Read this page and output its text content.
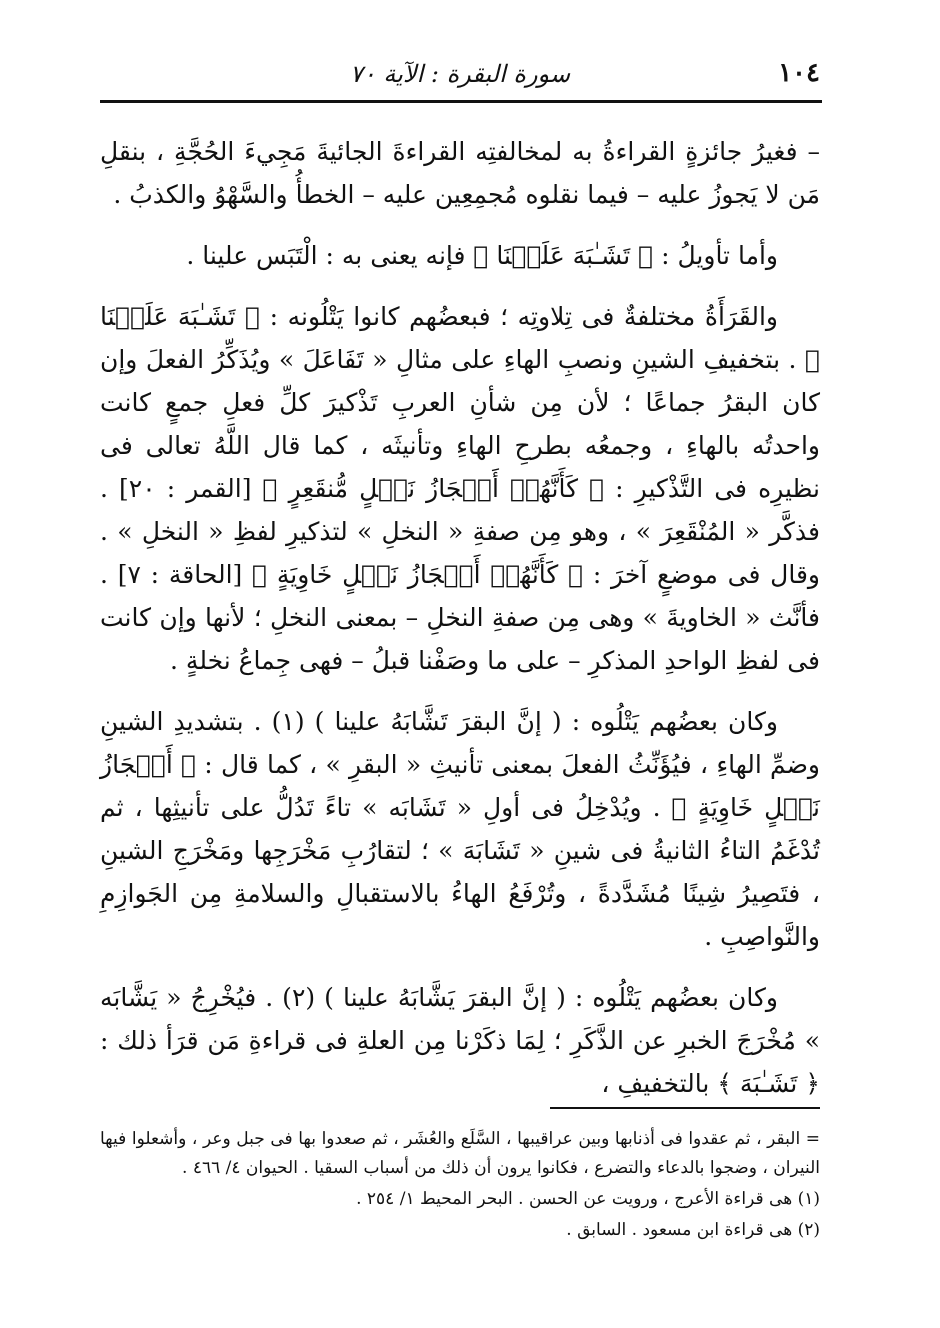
١٠٤
سورة البقرة : الآية ٧٠

– فغيرُ جائزةٍ القراءةُ به لمخالفتِه القراءةَ الجائيةَ مَجِيءَ الحُجَّةِ ، بنقلِ مَن لا يَجوزُ عليه – فيما نقلوه مُجمِعِين عليه – الخطأُ والسَّهْوُ والكذبُ .

وأما تأويلُ : ﴿ تَشَـٰبَهَ عَلَيۡنَا ﴾ فإنه يعنى به : الْتَبَس علينا .

والقَرَأَةُ مختلفةٌ فى تِلاوتِه ؛ فبعضُهم كانوا يَتْلُونه : ﴿ تَشَـٰبَهَ عَلَيۡنَا ﴾ . بتخفيفِ الشينِ ونصبِ الهاءِ على مثالِ « تَفَاعَلَ » ويُذَكِّرُ الفعلَ وإن كان البقرُ جماعًا ؛ لأن مِن شأنِ العربِ تَذْكيرَ كلِّ فعلِ جمعٍ كانت واحدتُه بالهاءِ ، وجمعُه بطرحِ الهاءِ وتأنيثَه ، كما قال اللَّهُ تعالى فى نظيرِه فى التَّذْكيرِ : ﴿ كَأَنَّهُمۡ أَعۡجَازُ نَخۡلٍ مُّنقَعِرٍ ﴾ [القمر : ٢٠] . فذكَّر « المُنْقَعِرَ » ، وهو مِن صفةِ « النخلِ » لتذكيرِ لفظِ « النخلِ » . وقال فى موضعٍ آخرَ : ﴿ كَأَنَّهُمۡ أَعۡجَازُ نَخۡلٍ خَاوِيَةٍ ﴾ [الحاقة : ٧] . فأنَّث « الخاويةَ » وهى مِن صفةِ النخلِ – بمعنى النخلِ ؛ لأنها وإن كانت فى لفظِ الواحدِ المذكرِ – على ما وصَفْنا قبلُ – فهى جِماعُ نخلةٍ .

وكان بعضُهم يَتْلُوه : ( إنَّ البقرَ تَشَّابَهُ علينا ) (١) . بتشديدِ الشينِ وضمِّ الهاءِ ، فيُؤَنِّثُ الفعلَ بمعنى تأنيثِ « البقرِ » ، كما قال : ﴿ أَعۡجَازُ نَخۡلٍ خَاوِيَةٍ ﴾ . ويُدْخِلُ فى أولِ « تَشَابَه » تاءً تَدُلُّ على تأنيثِها ، ثم تُدْغَمُ التاءُ الثانيةُ فى شينِ « تَشَابَهَ » ؛ لتقارُبِ مَخْرَجِها ومَخْرَجِ الشينِ ، فتَصِيرُ شِينًا مُشَدَّدةً ، وتُرْفَعُ الهاءُ بالاستقبالِ والسلامةِ مِن الجَوازِمِ والنَّواصِبِ .

وكان بعضُهم يَتْلُوه : ( إنَّ البقرَ يَشَّابَهُ علينا ) (٢) . فيُخْرِجُ « يَشَّابَه » مُخْرَجَ الخبرِ عن الذَّكَرِ ؛ لِمَا ذكَرْنا مِن العلةِ فى قراءةِ مَن قرَأ ذلك : ﴿ تَشَـٰبَهَ ﴾ بالتخفيفِ ،

= البقر ، ثم عقدوا فى أذنابها وبين عراقيبها ، السَّلَع والعُشَر ، ثم صعدوا بها فى جبل وعر ، وأشعلوا فيها النيران ، وضجوا بالدعاء والتضرع ، فكانوا يرون أن ذلك من أسباب السقيا . الحيوان ٤/ ٤٦٦ .

(١) هى قراءة الأعرج ، ورويت عن الحسن . البحر المحيط ١/ ٢٥٤ .

(٢) هى قراءة ابن مسعود . السابق .
